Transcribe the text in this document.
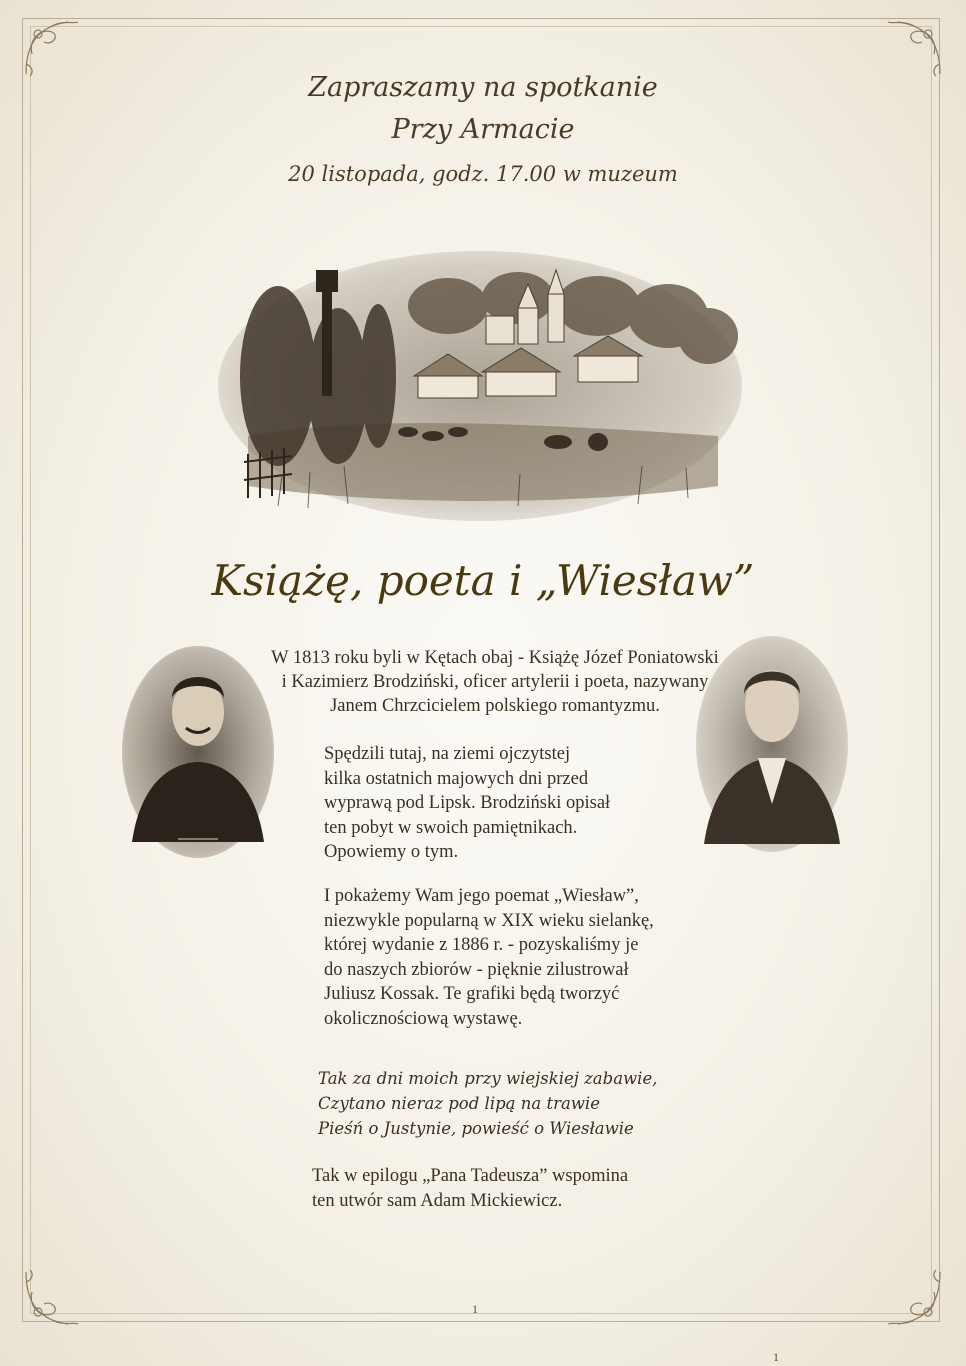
Zapraszamy na spotkanie
Przy Armacie
20 listopada, godz. 17.00 w muzeum
Książę, poeta i „Wiesław”
W 1813 roku byli w Kętach obaj - Książę Józef Poniatowski
i Kazimierz Brodziński, oficer artylerii i poeta, nazywany
Janem Chrzcicielem polskiego romantyzmu.
Spędzili tutaj, na ziemi ojczytstej
kilka ostatnich majowych dni przed
wyprawą pod Lipsk. Brodziński opisał
ten pobyt w swoich pamiętnikach.
Opowiemy o tym.
I pokażemy Wam jego poemat „Wiesław”,
niezwykle popularną w XIX wieku sielankę,
której wydanie z 1886 r. - pozyskaliśmy je
do naszych zbiorów - pięknie zilustrował
Juliusz Kossak. Te grafiki będą tworzyć
okolicznościową wystawę.
Tak za dni moich przy wiejskiej zabawie,
Czytano nieraz pod lipą na trawie
Pieśń o Justynie, powieść o Wiesławie
Tak w epilogu „Pana Tadeusza” wspomina
ten utwór sam Adam Mickiewicz.
1
1
